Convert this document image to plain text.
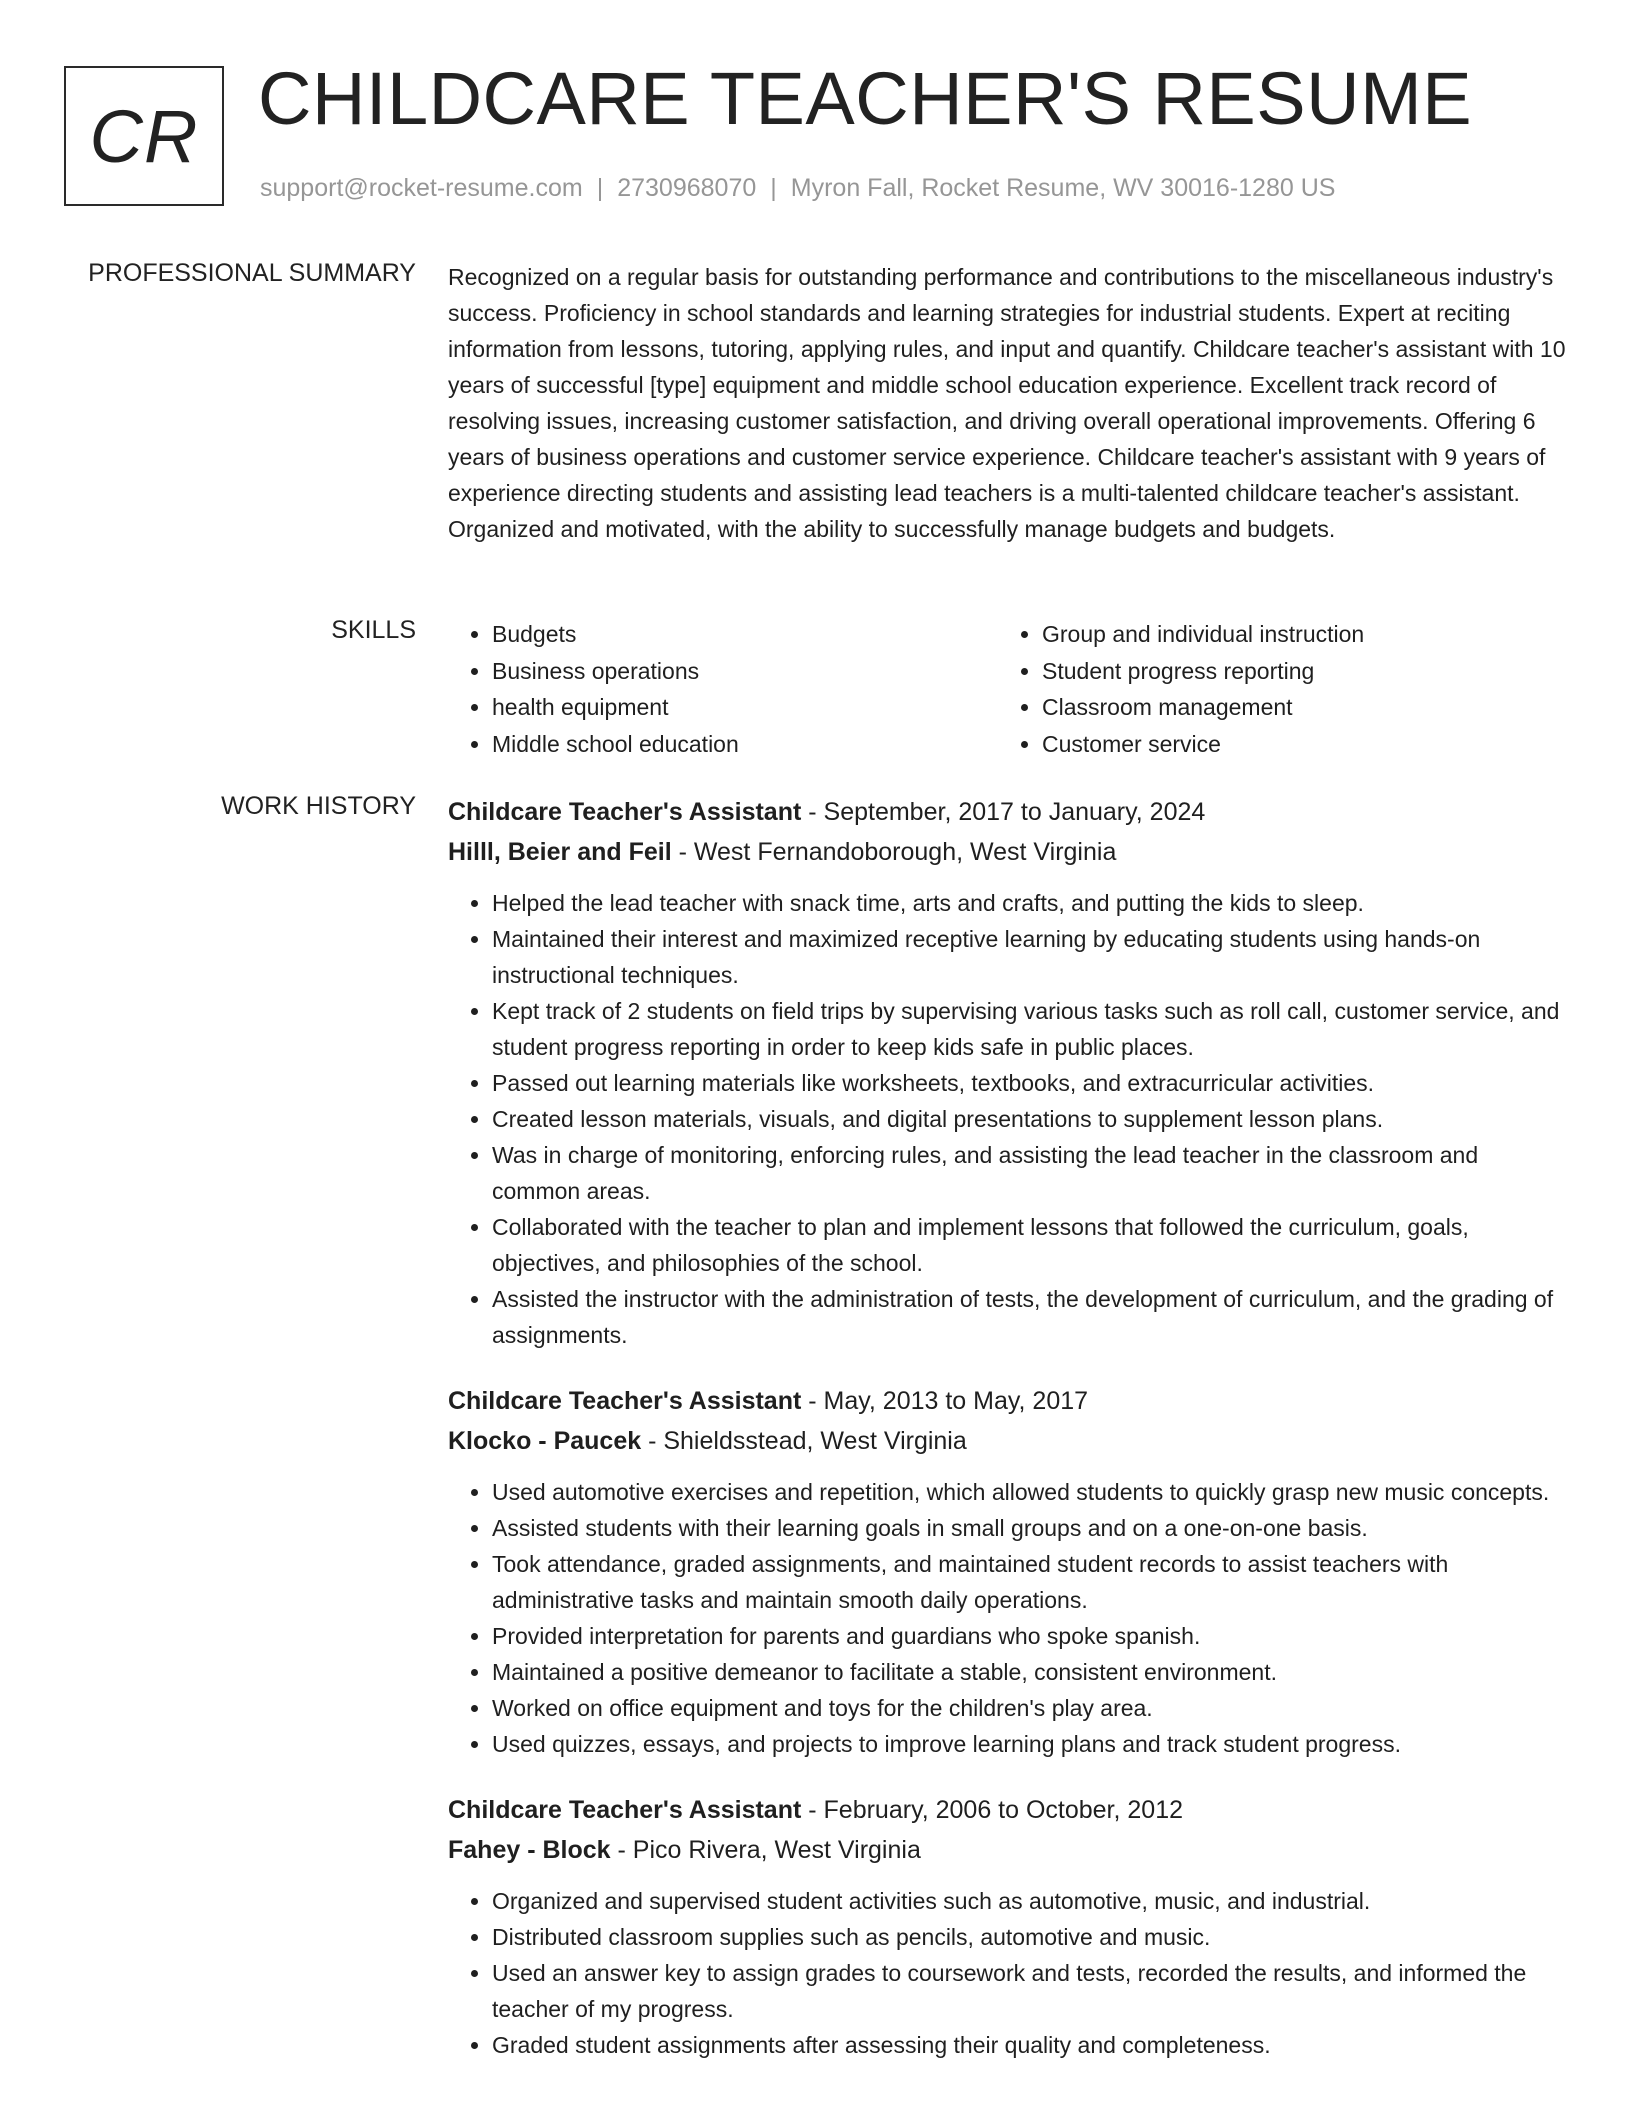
CR CHILDCARE TEACHER'S RESUME
support@rocket-resume.com | 2730968070 | Myron Fall, Rocket Resume, WV 30016-1280 US
PROFESSIONAL SUMMARY Recognized on a regular basis for outstanding performance and contributions to the miscellaneous industry's success. Proficiency in school standards and learning strategies for industrial students. Expert at reciting information from lessons, tutoring, applying rules, and input and quantify. Childcare teacher's assistant with 10 years of successful [type] equipment and middle school education experience. Excellent track record of resolving issues, increasing customer satisfaction, and driving overall operational improvements. Offering 6 years of business operations and customer service experience. Childcare teacher's assistant with 9 years of experience directing students and assisting lead teachers is a multi-talented childcare teacher's assistant. Organized and motivated, with the ability to successfully manage budgets and budgets.

SKILLS
•	Budgets
• Business operations
• health equipment
• Middle school education
• Group and individual instruction
• Student progress reporting
• Classroom management
• Customer service
WORK HISTORY Childcare Teacher's Assistant - September, 2017 to January, 2024
Hilll, Beier and Feil - West Fernandoborough, West Virginia
• Helped the lead teacher with snack time, arts and crafts, and putting the kids to sleep.
• Maintained their interest and maximized receptive learning by educating students using hands-on instructional techniques.
• Kept track of 2 students on field trips by supervising various tasks such as roll call, customer service, and student progress reporting in order to keep kids safe in public places.
• Passed out learning materials like worksheets, textbooks, and extracurricular activities.
• Created lesson materials, visuals, and digital presentations to supplement lesson plans.
• Was in charge of monitoring, enforcing rules, and assisting the lead teacher in the classroom and common areas.
• Collaborated with the teacher to plan and implement lessons that followed the curriculum, goals, objectives, and philosophies of the school.
• Assisted the instructor with the administration of tests, the development of curriculum, and the grading of assignments.
Childcare Teacher's Assistant - May, 2013 to May, 2017
Klocko - Paucek - Shieldsstead, West Virginia
• Used automotive exercises and repetition, which allowed students to quickly grasp new music concepts.
• Assisted students with their learning goals in small groups and on a one-on-one basis.
• Took attendance, graded assignments, and maintained student records to assist teachers with administrative tasks and maintain smooth daily operations.
• Provided interpretation for parents and guardians who spoke spanish.
• Maintained a positive demeanor to facilitate a stable, consistent environment.
• Worked on office equipment and toys for the children's play area.
• Used quizzes, essays, and projects to improve learning plans and track student progress.
Childcare Teacher's Assistant - February, 2006 to October, 2012
Fahey - Block - Pico Rivera, West Virginia
• Organized and supervised student activities such as automotive, music, and industrial.
• Distributed classroom supplies such as pencils, automotive and music.
• Used an answer key to assign grades to coursework and tests, recorded the results, and informed the teacher of my progress.
• Graded student assignments after assessing their quality and completeness.
